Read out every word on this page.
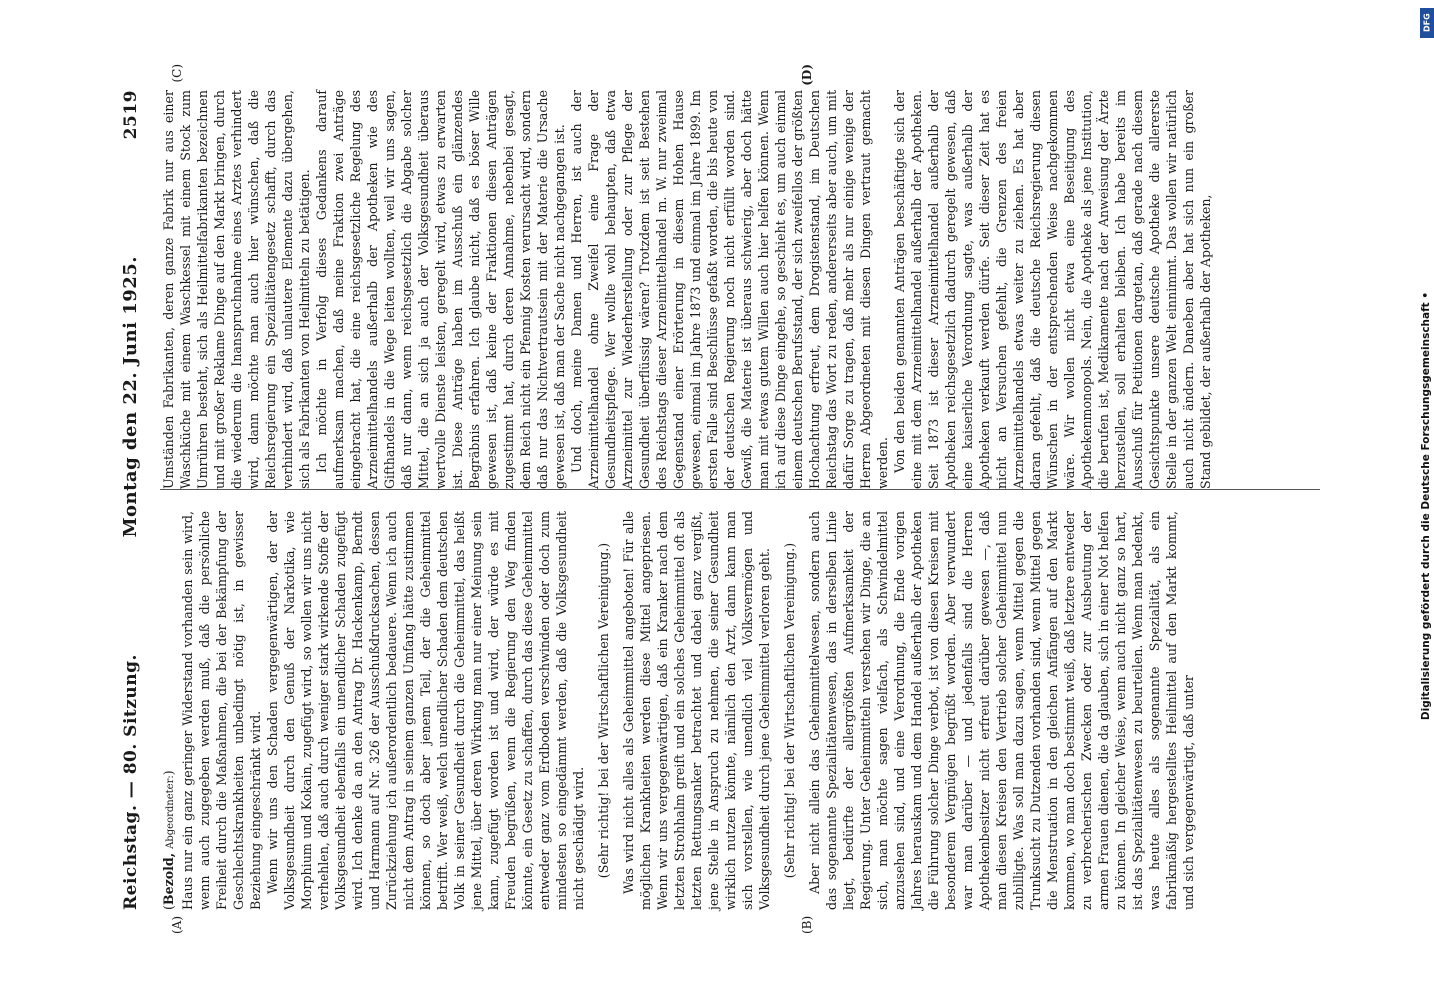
Reichstag. — 80. Sitzung.
Montag den 22. Juni 1925.
2519
(A)	(B)
(C)	(D)

(Bezold, Abgeordneter:) Haus nur ein ganz geringer Widerstand vorhanden sein wird, wenn auch zugegeben werden muß, daß die persönliche Freiheit durch die Maßnahmen, die bei der Bekämpfung der Geschlechtskrankheiten unbedingt nötig ist, in gewisser Beziehung eingeschränkt wird. Wenn wir uns den Schaden vergegenwärtigen, der der Volksgesundheit durch den Genuß der Narkotika, wie Morphium und Kokain, zugefügt wird, so wollen wir uns nicht verhehlen, daß auch durch weniger stark wirkende Stoffe der Volksgesundheit ebenfalls ein unendlicher Schaden zugefügt wird. Ich denke da an den Antrag Dr. Hackenkamp, Berndt und Harmann auf Nr. 326 der Ausschußdrucksachen, dessen Zurückziehung ich außerordentlich bedauere. Wenn ich auch nicht dem Antrag in seinem ganzen Umfang hätte zustimmen können, so doch aber jenem Teil, der die Geheimmittel betrifft. Wer weiß, welch unendlicher Schaden dem deutschen Volk in seiner Gesundheit durch die Geheimmittel, das heißt jene Mittel, über deren Wirkung man nur einer Meinung sein kann, zugefügt worden ist und wird, der würde es mit Freuden begrüßen, wenn die Regierung den Weg finden könnte, ein Gesetz zu schaffen, durch das diese Geheimmittel entweder ganz vom Erdboden verschwinden oder doch zum mindesten so eingedämmt werden, daß die Volksgesundheit nicht geschädigt wird. (Sehr richtig! bei der Wirtschaftlichen Vereinigung.) Was wird nicht alles als Geheimmittel angeboten! Für alle möglichen Krankheiten werden diese Mittel angepriesen. Wenn wir uns vergegenwärtigen, daß ein Kranker nach dem letzten Strohhalm greift und ein solches Geheimmittel oft als letzten Rettungsanker betrachtet und dabei ganz vergißt, jene Stelle in Anspruch zu nehmen, die seiner Gesundheit wirklich nutzen könnte, nämlich den Arzt, dann kann man sich vorstellen, wie unendlich viel Volksvermögen und Volksgesundheit durch jene Geheimmittel verloren geht. (Sehr richtig! bei der Wirtschaftlichen Vereinigung.) Aber nicht allein das Geheimmittelwesen, sondern auch das sogenannte Spezialitätenwesen, das in derselben Linie liegt, bedürfte der allergrößten Aufmerksamkeit der Regierung. Unter Geheimmitteln verstehen wir Dinge, die an sich, man möchte sagen vielfach, als Schwindelmittel anzusehen sind, und eine Verordnung, die Ende vorigen Jahres herauskam und dem Handel außerhalb der Apotheken die Führung solcher Dinge verbot, ist von diesen Kreisen mit besonderem Vergnügen begrüßt worden. Aber verwundert war man darüber — und jedenfalls sind die Herren Apothekenbesitzer nicht erfreut darüber gewesen —, daß man diesen Kreisen den Vertrieb solcher Geheimmittel nun zubilligte. Was soll man dazu sagen, wenn Mittel gegen die Trunksucht zu Dutzenden vorhanden sind, wenn Mittel gegen die Menstruation in den gleichen Anfängen auf den Markt kommen, wo man doch bestimmt weiß, daß letztere entweder zu verbrecherischen Zwecken oder zur Ausbeutung der armen Frauen dienen, die da glauben, sich in einer Not helfen zu können. In gleicher Weise, wenn auch nicht ganz so hart, ist das Spezialitätenwesen zu beurteilen. Wenn man bedenkt, was heute alles als sogenannte Spezialität, als ein fabrikmäßig hergestelltes Heilmittel auf den Markt kommt, und sich vergegenwärtigt, daß unter

Umständen Fabrikanten, deren ganze Fabrik nur aus einer Waschküche mit einem Waschkessel mit einem Stock zum Umrühren besteht, sich als Heilmittelfabrikanten bezeichnen und mit großer Reklame Dinge auf den Markt bringen, durch die wiederum die Inanspruchnahme eines Arztes verhindert wird, dann möchte man auch hier wünschen, daß die Reichsregierung ein Spezialitätengesetz schafft, durch das verhindert wird, daß unlautere Elemente dazu übergehen, sich als Fabrikanten von Heilmitteln zu betätigen. Ich möchte in Verfolg dieses Gedankens darauf aufmerksam machen, daß meine Fraktion zwei Anträge eingebracht hat, die eine reichsgesetzliche Regelung des Arzneimittelhandels außerhalb der Apotheken wie des Gifthandels in die Wege leiten wollten, weil wir uns sagen, daß nur dann, wenn reichsgesetzlich die Abgabe solcher Mittel, die an sich ja auch der Volksgesundheit überaus wertvolle Dienste leisten, geregelt wird, etwas zu erwarten ist. Diese Anträge haben im Ausschuß ein glänzendes Begräbnis erfahren. Ich glaube nicht, daß es böser Wille gewesen ist, daß keine der Fraktionen diesen Anträgen zugestimmt hat, durch deren Annahme, nebenbei gesagt, dem Reich nicht ein Pfennig Kosten verursacht wird, sondern daß nur das Nichtvertrautsein mit der Materie die Ursache gewesen ist, daß man der Sache nicht nachgegangen ist. Und doch, meine Damen und Herren, ist auch der Arzneimittelhandel ohne Zweifel eine Frage der Gesundheitspflege. Wer wollte wohl behaupten, daß etwa Arzneimittel zur Wiederherstellung oder zur Pflege der Gesundheit überflüssig wären? Trotzdem ist seit Bestehen des Reichstags dieser Arzneimittelhandel m. W. nur zweimal Gegenstand einer Erörterung in diesem Hohen Hause gewesen, einmal im Jahre 1873 und einmal im Jahre 1899. Im ersten Falle sind Beschlüsse gefaßt worden, die bis heute von der deutschen Regierung noch nicht erfüllt worden sind. Gewiß, die Materie ist überaus schwierig, aber doch hätte man mit etwas gutem Willen auch hier helfen können. Wenn ich auf diese Dinge eingehe, so geschieht es, um auch einmal einem deutschen Berufsstand, der sich zweifellos der größten Hochachtung erfreut, dem Drogistenstand, im Deutschen Reichstag das Wort zu reden, andererseits aber auch, um mit dafür Sorge zu tragen, daß mehr als nur einige wenige der Herren Abgeordneten mit diesen Dingen vertraut gemacht werden. Von den beiden genannten Anträgen beschäftigte sich der eine mit dem Arzneimittelhandel außerhalb der Apotheken. Seit 1873 ist dieser Arzneimittelhandel außerhalb der Apotheken reichsgesetzlich dadurch geregelt gewesen, daß eine kaiserliche Verordnung sagte, was außerhalb der Apotheken verkauft werden dürfe. Seit dieser Zeit hat es nicht an Versuchen gefehlt, die Grenzen des freien Arzneimittelhandels etwas weiter zu ziehen. Es hat aber daran gefehlt, daß die deutsche Reichsregierung diesen Wünschen in der entsprechenden Weise nachgekommen wäre. Wir wollen nicht etwa eine Beseitigung des Apothekenmonopols. Nein, die Apotheke als jene Institution, die berufen ist, Medikamente nach der Anweisung der Ärzte herzustellen, soll erhalten bleiben. Ich habe bereits im Ausschuß für Petitionen dargetan, daß gerade nach diesem Gesichtspunkte unsere deutsche Apotheke die allererste Stelle in der ganzen Welt einnimmt. Das wollen wir natürlich auch nicht ändern. Daneben aber hat sich nun ein großer Stand gebildet, der außerhalb der Apotheken,

DFG
Digitalisierung gefördert durch die Deutsche Forschungsgemeinschaft •
